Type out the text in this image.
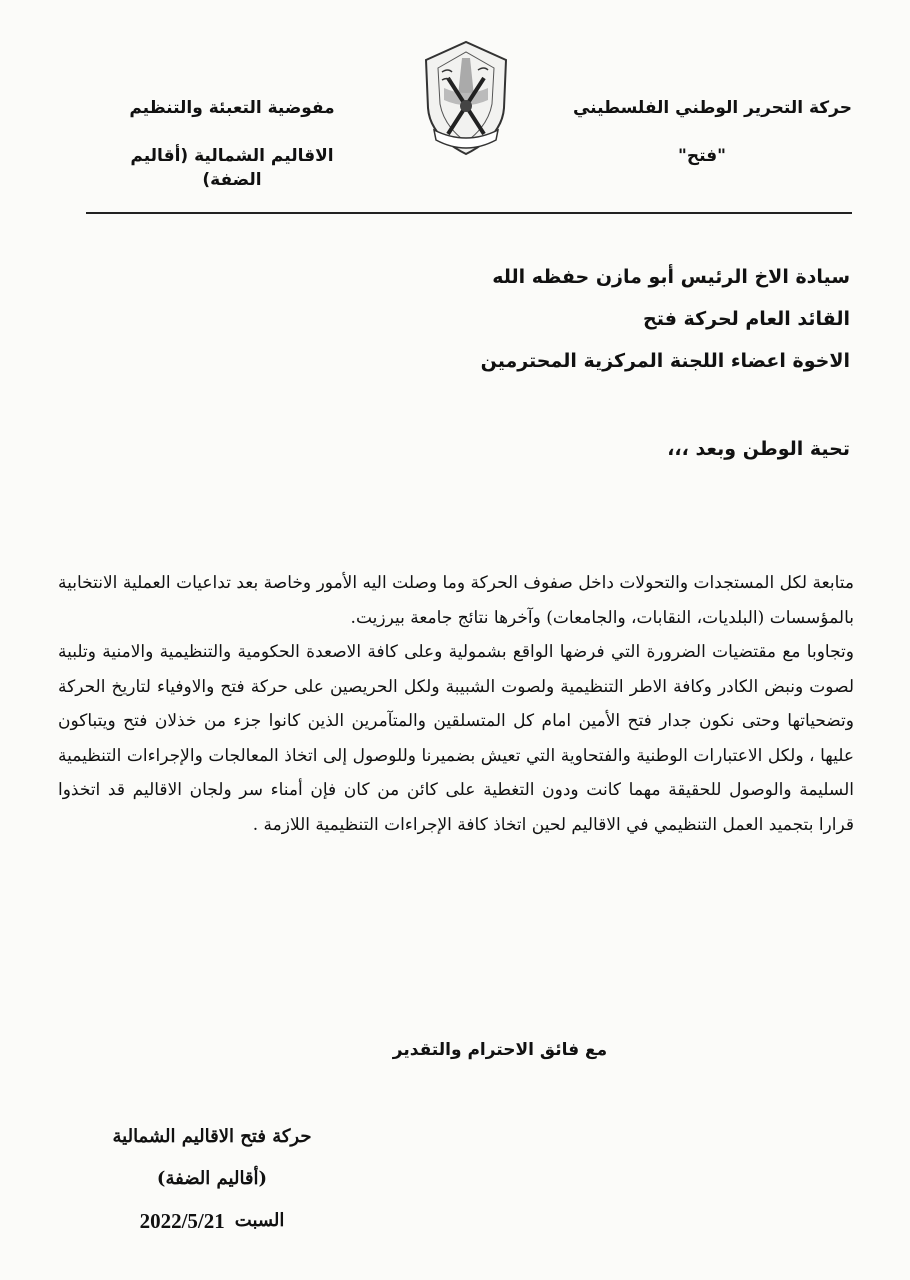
حركة التحرير الوطني الفلسطيني
"فتح"
مفوضية التعبئة والتنظيم
الاقاليم الشمالية (أقاليم الضفة)
سيادة الاخ الرئيس أبو مازن حفظه الله
القائد العام لحركة فتح
الاخوة اعضاء اللجنة المركزية المحترمين
تحية الوطن وبعد ،،،

متابعة لكل المستجدات والتحولات داخل صفوف الحركة وما وصلت اليه الأمور وخاصة بعد تداعيات العملية الانتخابية بالمؤسسات (البلديات، النقابات، والجامعات) وآخرها نتائج جامعة بيرزيت.

وتجاوبا مع مقتضيات الضرورة التي فرضها الواقع بشمولية وعلى كافة الاصعدة الحكومية والتنظيمية والامنية وتلبية لصوت ونبض الكادر وكافة الاطر التنظيمية ولصوت الشبيبة ولكل الحريصين على حركة فتح والاوفياء لتاريخ الحركة وتضحياتها وحتى نكون جدار فتح الأمين امام كل المتسلقين والمتآمرين الذين كانوا جزء من خذلان فتح ويتباكون عليها ، ولكل الاعتبارات الوطنية والفتحاوية التي تعيش بضميرنا وللوصول إلى اتخاذ المعالجات والإجراءات التنظيمية السليمة والوصول للحقيقة مهما كانت ودون التغطية على كائن من كان فإن أمناء سر ولجان الاقاليم قد اتخذوا قرارا بتجميد العمل التنظيمي في الاقاليم لحين اتخاذ كافة الإجراءات التنظيمية اللازمة .

مع فائق الاحترام والتقدير
حركة فتح الاقاليم الشمالية
(أقاليم الضفة)
السبت
2022/5/21
